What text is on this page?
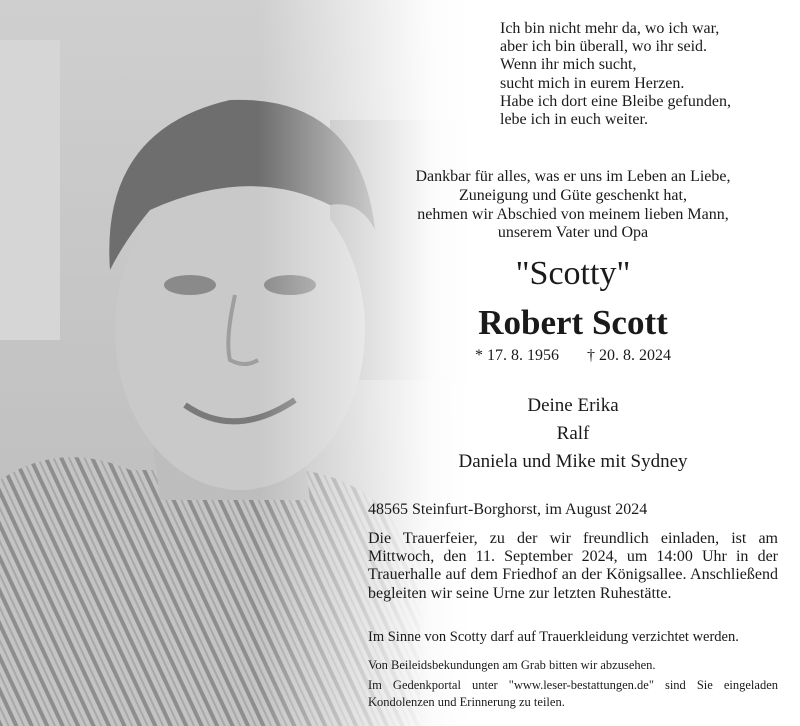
Ich bin nicht mehr da, wo ich war,
aber ich bin überall, wo ihr seid.
Wenn ihr mich sucht,
sucht mich in eurem Herzen.
Habe ich dort eine Bleibe gefunden,
lebe ich in euch weiter.
Dankbar für alles, was er uns im Leben an Liebe,
Zuneigung und Güte geschenkt hat,
nehmen wir Abschied von meinem lieben Mann,
unserem Vater und Opa
"Scotty"
Robert Scott
* 17. 8. 1956 † 20. 8. 2024
Deine Erika
Ralf
Daniela und Mike mit Sydney
48565 Steinfurt-Borghorst, im August 2024
Die Trauerfeier, zu der wir freundlich einladen, ist am Mittwoch, den 11. September 2024, um 14:00 Uhr in der Trauerhalle auf dem Friedhof an der Königsallee. Anschließend begleiten wir seine Urne zur letzten Ruhestätte.
Im Sinne von Scotty darf auf Trauerkleidung verzichtet werden.
Von Beileidsbekundungen am Grab bitten wir abzusehen.
Im Gedenkportal unter "www.leser-bestattungen.de" sind Sie eingeladen Kondolenzen und Erinnerung zu teilen.
